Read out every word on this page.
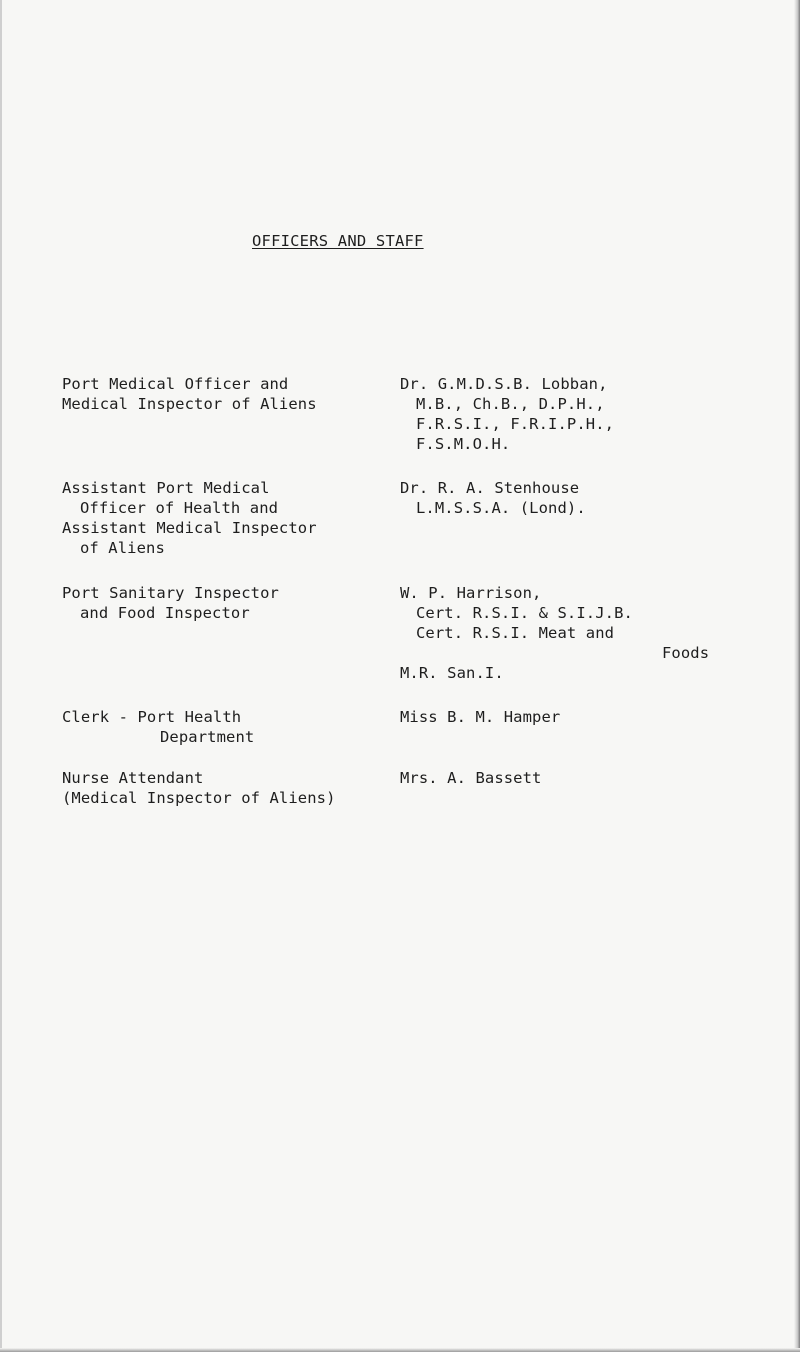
OFFICERS AND STAFF
Port Medical Officer and
Medical Inspector of Aliens
Dr. G.M.D.S.B. Lobban,
M.B., Ch.B., D.P.H.,
F.R.S.I., F.R.I.P.H.,
F.S.M.O.H.
Assistant Port Medical
Officer of Health and
Assistant Medical Inspector
of Aliens
Dr. R. A. Stenhouse
L.M.S.S.A. (Lond).
Port Sanitary Inspector
and Food Inspector
W. P. Harrison,
Cert. R.S.I. & S.I.J.B.
Cert. R.S.I. Meat and
Foods
M.R. San.I.
Clerk - Port Health
Department
Miss B. M. Hamper
Nurse Attendant
(Medical Inspector of Aliens)
Mrs. A. Bassett
